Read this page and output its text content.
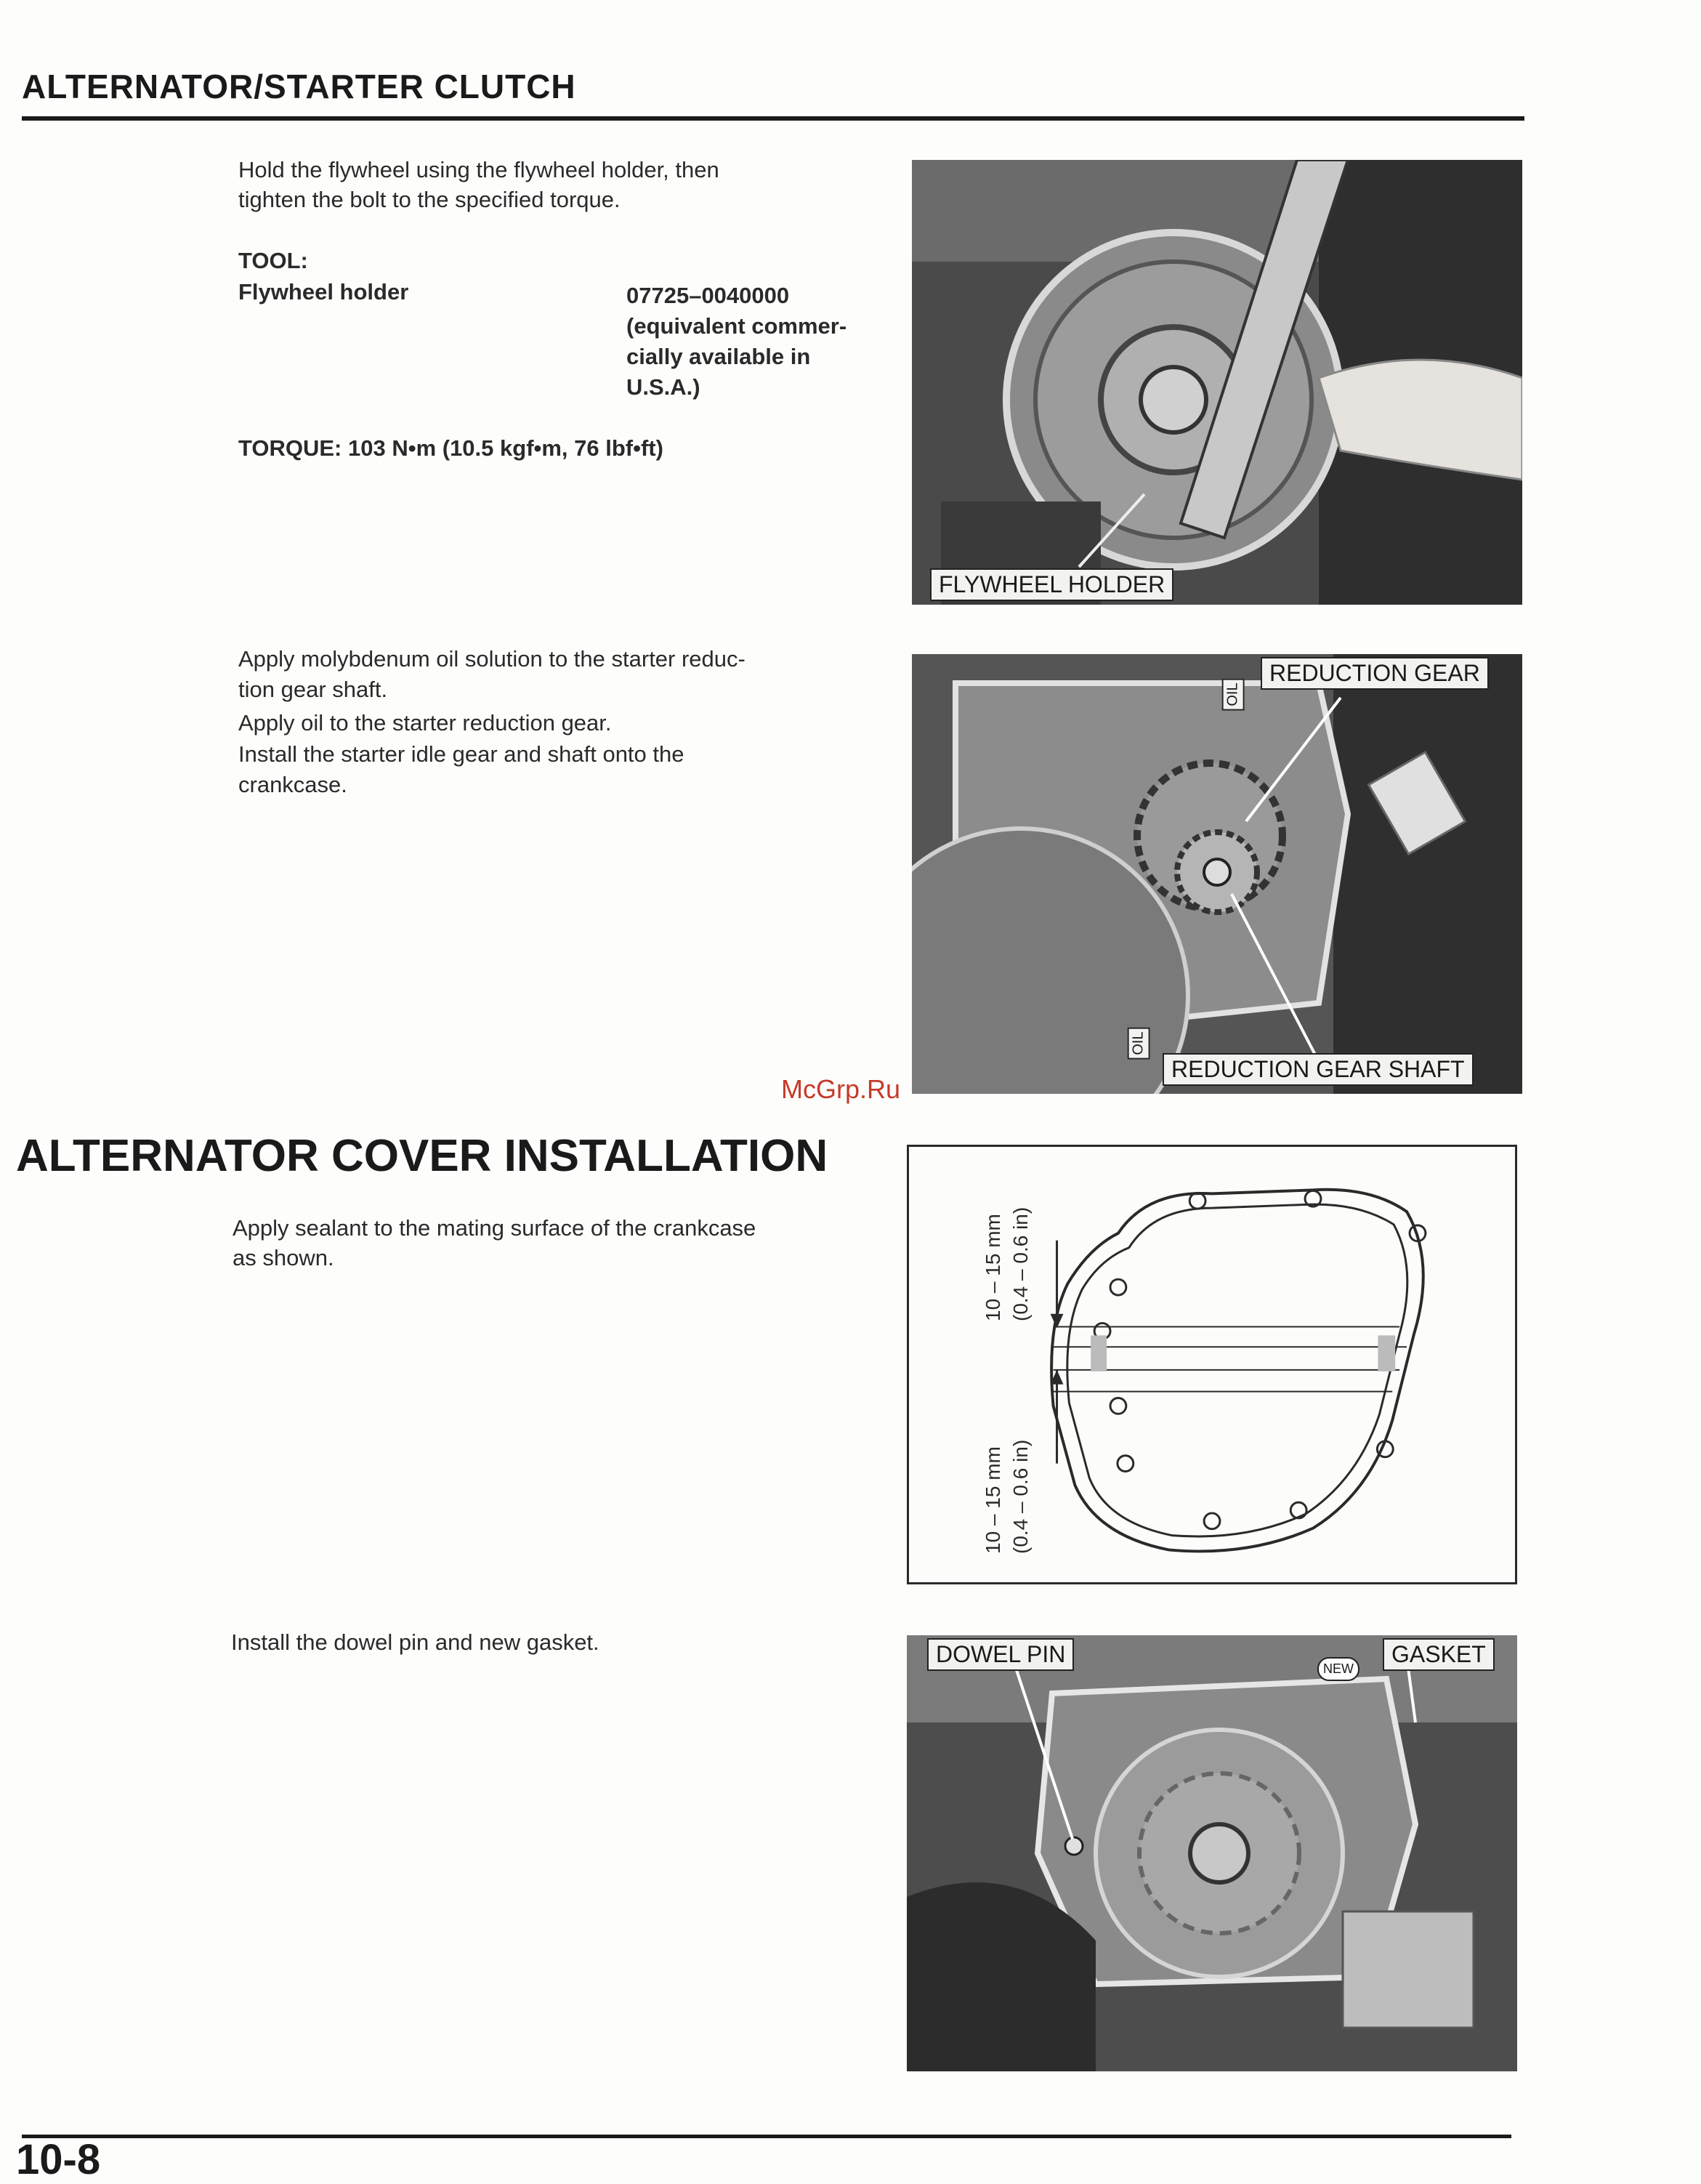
ALTERNATOR/STARTER CLUTCH
Hold the flywheel using the flywheel holder, then
tighten the bolt to the specified torque.
TOOL:
Flywheel holder	07725–0040000
(equivalent commer-
cially available in
U.S.A.)
TORQUE: 103 N•m (10.5 kgf•m, 76 lbf•ft)
FLYWHEEL HOLDER
Apply molybdenum oil solution to the starter reduc-
tion gear shaft.
Apply oil to the starter reduction gear.
Install the starter idle gear and shaft onto the
crankcase.
REDUCTION GEAR
REDUCTION GEAR SHAFT
OIL
OIL
McGrp.Ru
ALTERNATOR COVER INSTALLATION
Apply sealant to the mating surface of the crankcase
as shown.	10 – 15 mm (0.4 – 0.6 in)
10 – 15 mm (0.4 – 0.6 in)
Install the dowel pin and new gasket.	DOWEL PIN	GASKET
NEW
10-8
